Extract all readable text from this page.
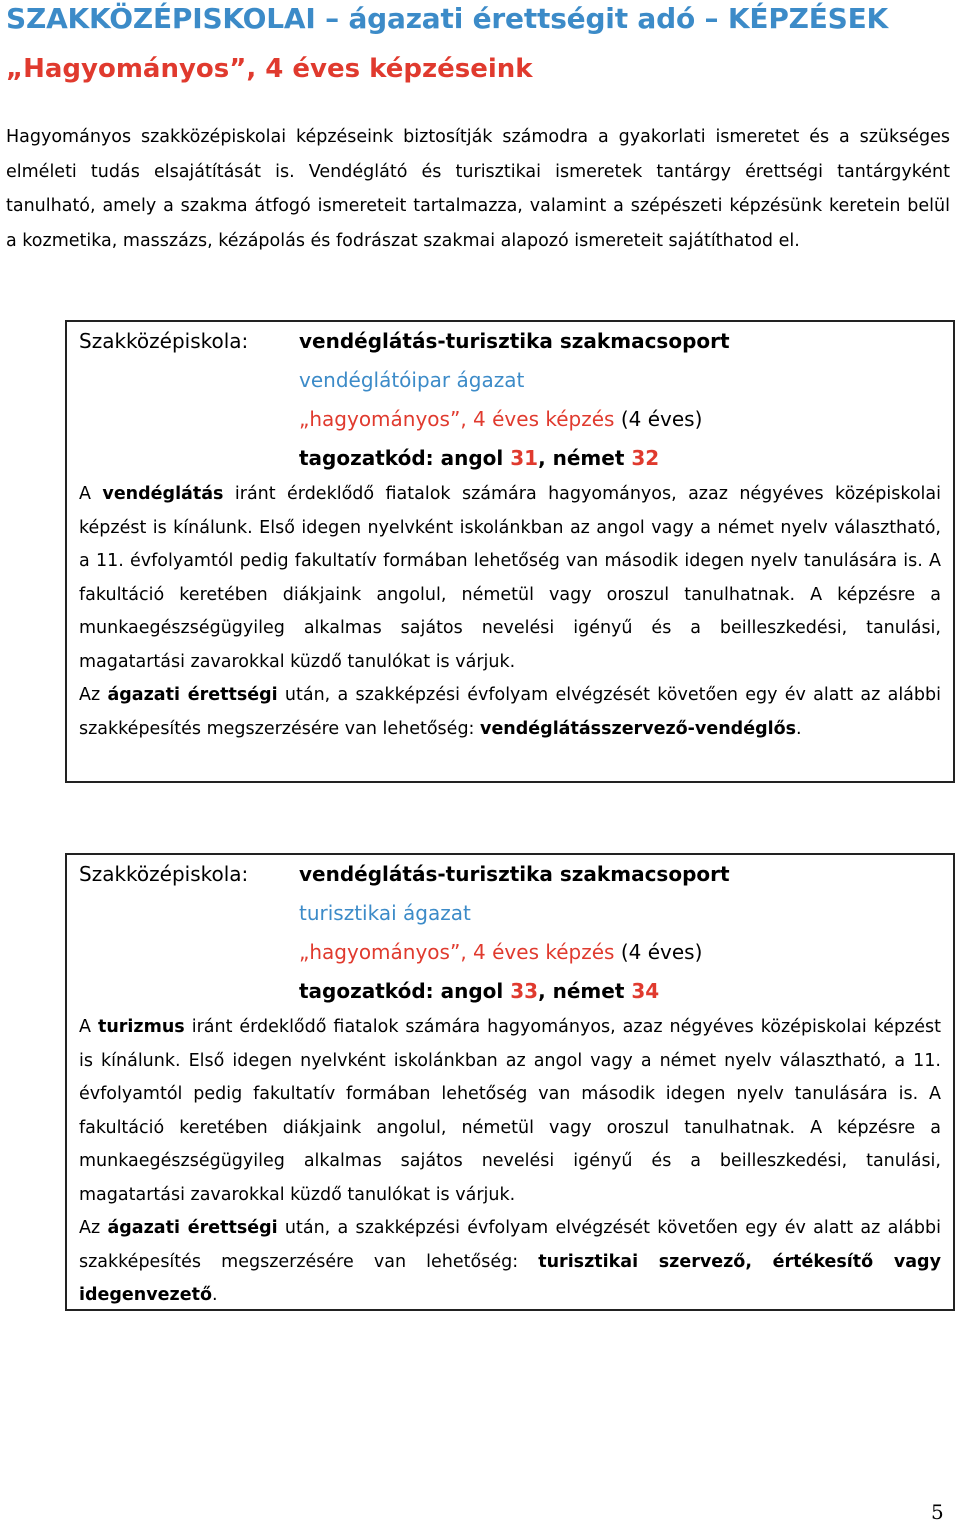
SZAKKÖZÉPISKOLAI – ágazati érettségit adó – KÉPZÉSEK
„Hagyományos”, 4 éves képzéseink
Hagyományos szakközépiskolai képzéseink biztosítják számodra a gyakorlati ismeretet és a szükséges elméleti tudás elsajátítását is. Vendéglátó és turisztikai ismeretek tantárgy érettségi tantárgyként tanulható, amely a szakma átfogó ismereteit tartalmazza, valamint a szépészeti képzésünk keretein belül a kozmetika, masszázs, kézápolás és fodrászat szakmai alapozó ismereteit sajátíthatod el.
Szakközépiskola:	vendéglátás-turisztika szakmacsoport
vendéglátóipar ágazat
„hagyományos”, 4 éves képzés (4 éves)
tagozatkód: angol 31, német 32
A vendéglátás iránt érdeklődő fiatalok számára hagyományos, azaz négyéves középiskolai képzést is kínálunk. Első idegen nyelvként iskolánkban az angol vagy a német nyelv választható, a 11. évfolyamtól pedig fakultatív formában lehetőség van második idegen nyelv tanulására is. A fakultáció keretében diákjaink angolul, németül vagy oroszul tanulhatnak. A képzésre a munkaegészségügyileg alkalmas sajátos nevelési igényű és a beilleszkedési, tanulási, magatartási zavarokkal küzdő tanulókat is várjuk.
Az ágazati érettségi után, a szakképzési évfolyam elvégzését követően egy év alatt az alábbi szakképesítés megszerzésére van lehetőség: vendéglátásszervező-vendéglős.
Szakközépiskola:	vendéglátás-turisztika szakmacsoport
turisztikai ágazat
„hagyományos”, 4 éves képzés (4 éves)
tagozatkód: angol 33, német 34
A turizmus iránt érdeklődő fiatalok számára hagyományos, azaz négyéves középiskolai képzést is kínálunk. Első idegen nyelvként iskolánkban az angol vagy a német nyelv választható, a 11. évfolyamtól pedig fakultatív formában lehetőség van második idegen nyelv tanulására is. A fakultáció keretében diákjaink angolul, németül vagy oroszul tanulhatnak. A képzésre a munkaegészségügyileg alkalmas sajátos nevelési igényű és a beilleszkedési, tanulási, magatartási zavarokkal küzdő tanulókat is várjuk.
Az ágazati érettségi után, a szakképzési évfolyam elvégzését követően egy év alatt az alábbi szakképesítés megszerzésére van lehetőség: turisztikai szervező, értékesítő vagy idegenvezető.
5
